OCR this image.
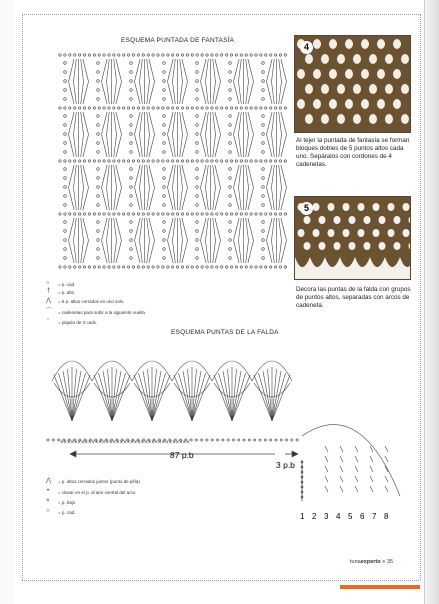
ESQUEMA PUNTADA DE FANTASÍA
4
Al tejer la puntada de fantasía se forman bloques dobles de 5 puntos altos cada uno. Sepáralos con cordones de 4 cadenetas.
5
Decora las puntas de la falda con grupos de puntos altos, separadas con arcos de cadeneta.
○ = p. cad.
† = p. alto
⋀ = 5 p. altos cerrados en uno solo
⌒ = cadenetas para subir a la siguiente vuelta
◦ = piquito de 3 cads.
ESQUEMA PUNTAS DE LA FALDA
×××××××××××××××××××××××××××××××××××××
87 p.b
3 p.b
1 2 3 4 5 6 7 8
⋀ = p. altos cerrados juntos (punto de piña)
• = clavar en el p. al aire central del arco
× = p. bajo
○ = p. cad.
tunaexperto ● 35
